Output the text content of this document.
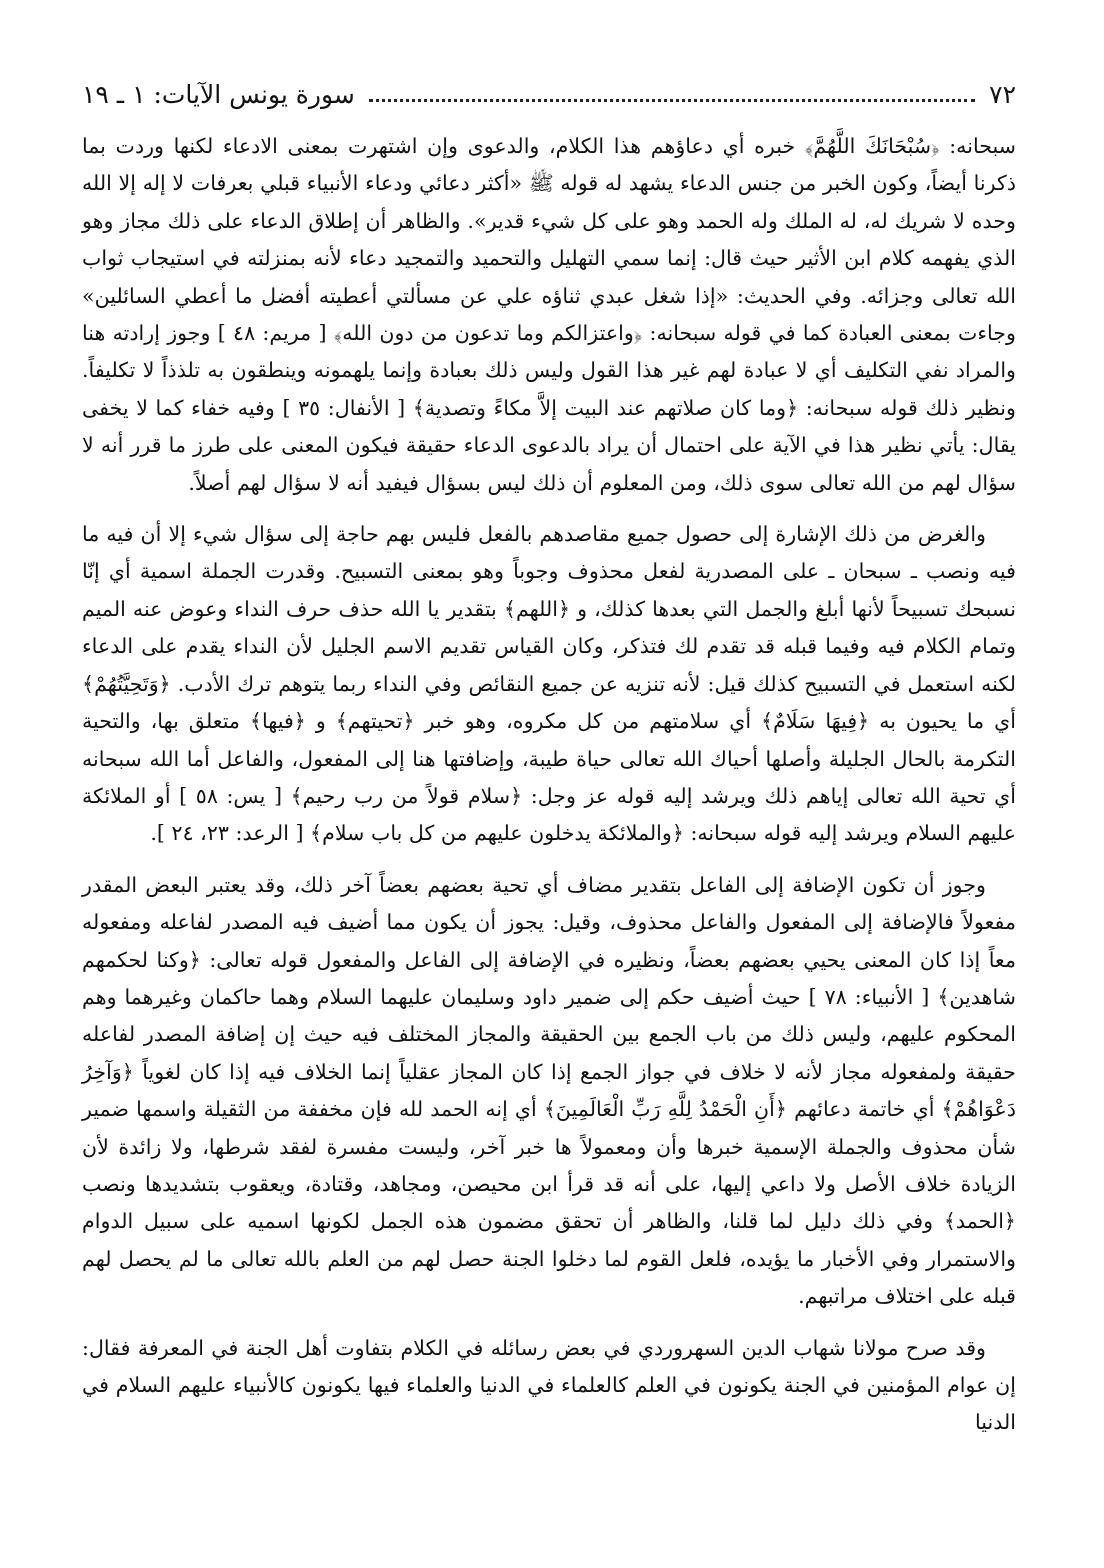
٧٢
سورة يونس الآيات: ١ ـ ١٩

سبحانه: ﴿سُبْحَانَكَ اللَّهُمَّ﴾ خبره أي دعاؤهم هذا الكلام، والدعوى وإن اشتهرت بمعنى الادعاء لكنها وردت بما ذكرنا أيضاً، وكون الخبر من جنس الدعاء يشهد له قوله ﷺ «أكثر دعائي ودعاء الأنبياء قبلي بعرفات لا إله إلا الله وحده لا شريك له، له الملك وله الحمد وهو على كل شيء قدير». والظاهر أن إطلاق الدعاء على ذلك مجاز وهو الذي يفهمه كلام ابن الأثير حيث قال: إنما سمي التهليل والتحميد والتمجيد دعاء لأنه بمنزلته في استيجاب ثواب الله تعالى وجزائه. وفي الحديث: «إذا شغل عبدي ثناؤه علي عن مسألتي أعطيته أفضل ما أعطي السائلين» وجاءت بمعنى العبادة كما في قوله سبحانه: ﴿واعتزالكم وما تدعون من دون الله﴾ [ مريم: ٤٨ ] وجوز إرادته هنا والمراد نفي التكليف أي لا عبادة لهم غير هذا القول وليس ذلك بعبادة وإنما يلهمونه وينطقون به تلذذاً لا تكليفاً. ونظير ذلك قوله سبحانه: ﴿وما كان صلاتهم عند البيت إلاَّ مكاءً وتصدية﴾ [ الأنفال: ٣٥ ] وفيه خفاء كما لا يخفى يقال: يأتي نظير هذا في الآية على احتمال أن يراد بالدعوى الدعاء حقيقة فيكون المعنى على طرز ما قرر أنه لا سؤال لهم من الله تعالى سوى ذلك، ومن المعلوم أن ذلك ليس بسؤال فيفيد أنه لا سؤال لهم أصلاً.

والغرض من ذلك الإشارة إلى حصول جميع مقاصدهم بالفعل فليس بهم حاجة إلى سؤال شيء إلا أن فيه ما فيه ونصب ـ سبحان ـ على المصدرية لفعل محذوف وجوباً وهو بمعنى التسبيح. وقدرت الجملة اسمية أي إنّا نسبحك تسبيحاً لأنها أبلغ والجمل التي بعدها كذلك، و ﴿اللهم﴾ بتقدير يا الله حذف حرف النداء وعوض عنه الميم وتمام الكلام فيه وفيما قبله قد تقدم لك فتذكر، وكان القياس تقديم الاسم الجليل لأن النداء يقدم على الدعاء لكنه استعمل في التسبيح كذلك قيل: لأنه تنزيه عن جميع النقائص وفي النداء ربما يتوهم ترك الأدب. ﴿وَتَحِيَّتُهُمْ﴾ أي ما يحيون به ﴿فِيهَا سَلَامٌ﴾ أي سلامتهم من كل مكروه، وهو خبر ﴿تحيتهم﴾ و ﴿فيها﴾ متعلق بها، والتحية التكرمة بالحال الجليلة وأصلها أحياك الله تعالى حياة طيبة، وإضافتها هنا إلى المفعول، والفاعل أما الله سبحانه أي تحية الله تعالى إياهم ذلك ويرشد إليه قوله عز وجل: ﴿سلام قولاً من رب رحيم﴾ [ يس: ٥٨ ] أو الملائكة عليهم السلام ويرشد إليه قوله سبحانه: ﴿والملائكة يدخلون عليهم من كل باب سلام﴾ [ الرعد: ٢٣، ٢٤ ].

وجوز أن تكون الإضافة إلى الفاعل بتقدير مضاف أي تحية بعضهم بعضاً آخر ذلك، وقد يعتبر البعض المقدر مفعولاً فالإضافة إلى المفعول والفاعل محذوف، وقيل: يجوز أن يكون مما أضيف فيه المصدر لفاعله ومفعوله معاً إذا كان المعنى يحيي بعضهم بعضاً، ونظيره في الإضافة إلى الفاعل والمفعول قوله تعالى: ﴿وكنا لحكمهم شاهدين﴾ [ الأنبياء: ٧٨ ] حيث أضيف حكم إلى ضمير داود وسليمان عليهما السلام وهما حاكمان وغيرهما وهم المحكوم عليهم، وليس ذلك من باب الجمع بين الحقيقة والمجاز المختلف فيه حيث إن إضافة المصدر لفاعله حقيقة ولمفعوله مجاز لأنه لا خلاف في جواز الجمع إذا كان المجاز عقلياً إنما الخلاف فيه إذا كان لغوياً ﴿وَآخِرُ دَعْوَاهُمْ﴾ أي خاتمة دعائهم ﴿أَنِ الْحَمْدُ لِلَّهِ رَبِّ الْعَالَمِينَ﴾ أي إنه الحمد لله فإن مخففة من الثقيلة واسمها ضمير شأن محذوف والجملة الإسمية خبرها وأن ومعمولاً ها خبر آخر، وليست مفسرة لفقد شرطها، ولا زائدة لأن الزيادة خلاف الأصل ولا داعي إليها، على أنه قد قرأ ابن محيصن، ومجاهد، وقتادة، ويعقوب بتشديدها ونصب ﴿الحمد﴾ وفي ذلك دليل لما قلنا، والظاهر أن تحقق مضمون هذه الجمل لكونها اسميه على سبيل الدوام والاستمرار وفي الأخبار ما يؤيده، فلعل القوم لما دخلوا الجنة حصل لهم من العلم بالله تعالى ما لم يحصل لهم قبله على اختلاف مراتبهم.

وقد صرح مولانا شهاب الدين السهروردي في بعض رسائله في الكلام بتفاوت أهل الجنة في المعرفة فقال: إن عوام المؤمنين في الجنة يكونون في العلم كالعلماء في الدنيا والعلماء فيها يكونون كالأنبياء عليهم السلام في الدنيا
